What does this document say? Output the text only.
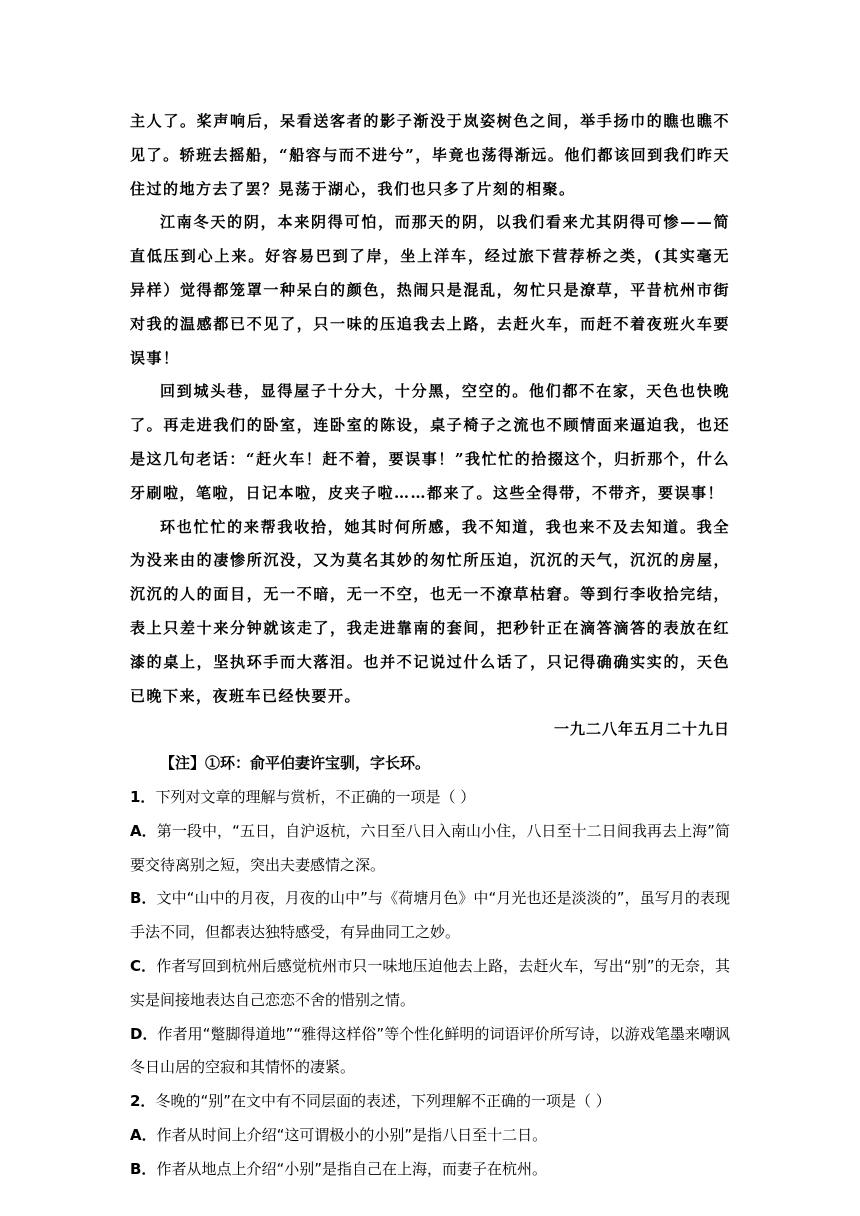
主人了。桨声响后，呆看送客者的影子渐没于岚姿树色之间，举手扬巾的瞧也瞧不见了。轿班去摇船，“船容与而不进兮”，毕竟也荡得渐远。他们都该回到我们昨天住过的地方去了罢？晃荡于湖心，我们也只多了片刻的相聚。

江南冬天的阴，本来阴得可怕，而那天的阴，以我们看来尤其阴得可惨——简直低压到心上来。好容易巴到了岸，坐上洋车，经过旅下营荐桥之类，(其实毫无异样）觉得都笼罩一种呆白的颜色，热闹只是混乱，匆忙只是潦草，平昔杭州市街对我的温感都已不见了，只一味的压追我去上路，去赶火车，而赶不着夜班火车要误事！

回到城头巷，显得屋子十分大，十分黑，空空的。他们都不在家，天色也快晚了。再走进我们的卧室，连卧室的陈设，桌子椅子之流也不顾情面来逼迫我，也还是这几句老话：“赶火车！赶不着，要误事！”我忙忙的拾掇这个，归折那个，什么牙刷啦，笔啦，日记本啦，皮夹子啦……都来了。这些全得带，不带齐，要误事！

环也忙忙的来帮我收拾，她其时何所感，我不知道，我也来不及去知道。我全为没来由的凄惨所沉没，又为莫名其妙的匆忙所压迫，沉沉的天气，沉沉的房屋，沉沉的人的面目，无一不暗，无一不空，也无一不潦草枯窘。等到行李收拾完结，表上只差十来分钟就该走了，我走进靠南的套间，把秒针正在滴答滴答的表放在红漆的桌上，坚执环手而大落泪。也并不记说过什么话了，只记得确确实实的，天色已晚下来，夜班车已经快要开。

一九二八年五月二十九日

【注】①环：俞平伯妻许宝驯，字长环。

1．下列对文章的理解与赏析，不正确的一项是（ ）

A．第一段中，“五日，自沪返杭，六日至八日入南山小住，八日至十二日间我再去上海”简要交待离别之短，突出夫妻感情之深。

B．文中“山中的月夜，月夜的山中”与《荷塘月色》中“月光也还是淡淡的”，虽写月的表现手法不同，但都表达独特感受，有异曲同工之妙。

C．作者写回到杭州后感觉杭州市只一味地压迫他去上路，去赶火车，写出“别”的无奈，其实是间接地表达自己恋恋不舍的惜别之情。

D．作者用“蹩脚得道地”“雅得这样俗”等个性化鲜明的词语评价所写诗，以游戏笔墨来嘲讽冬日山居的空寂和其情怀的凄紧。

2．冬晚的“别”在文中有不同层面的表述，下列理解不正确的一项是（ ）

A．作者从时间上介绍“这可谓极小的小别”是指八日至十二日。

B．作者从地点上介绍“小别”是指自己在上海，而妻子在杭州。
